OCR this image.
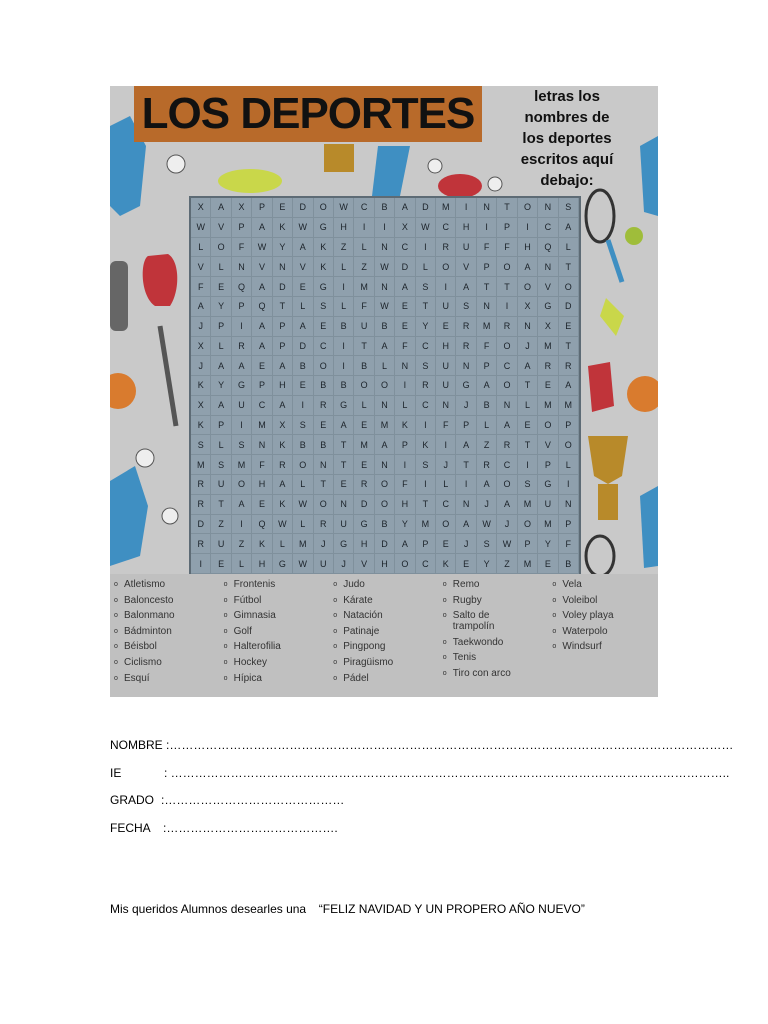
LOS DEPORTES	letras los
nombres de
los deportes
escritos aquí
debajo:
X	A	X	P	E	D	O	W	C	B	A	D	M	I	N	T	O	N	S
W	V	P	A	K	W	G	H	I	I	X	W	C	H	I	P	I	C	A
L	O	F	W	Y	A	K	Z	L	N	C	I	R	U	F	F	H	Q	L
V	L	N	V	N	V	K	L	Z	W	D	L	O	V	P	O	A	N	T
F	E	Q	A	D	E	G	I	M	N	A	S	I	A	T	T	O	V	O
A	Y	P	Q	T	L	S	L	F	W	E	T	U	S	N	I	X	G	D
J	P	I	A	P	A	E	B	U	B	E	Y	E	R	M	R	N	X	E
X	L	R	A	P	D	C	I	T	A	F	C	H	R	F	O	J	M	T
J	A	A	E	A	B	O	I	B	L	N	S	U	N	P	C	A	R	R
K	Y	G	P	H	E	B	B	O	O	I	R	U	G	A	O	T	E	A
X	A	U	C	A	I	R	G	L	N	L	C	N	J	B	N	L	M	M
K	P	I	M	X	S	E	A	E	M	K	I	F	P	L	A	E	O	P
S	L	S	N	K	B	B	T	M	A	P	K	I	A	Z	R	T	V	O
M	S	M	F	R	O	N	T	E	N	I	S	J	T	R	C	I	P	L
R	U	O	H	A	L	T	E	R	O	F	I	L	I	A	O	S	G	I
R	T	A	E	K	W	O	N	D	O	H	T	C	N	J	A	M	U	N
D	Z	I	Q	W	L	R	U	G	B	Y	M	O	A	W	J	O	M	P
R	U	Z	K	L	M	J	G	H	D	A	P	E	J	S	W	P	Y	F
I	E	L	H	G	W	U	J	V	H	O	C	K	E	Y	Z	M	E	B
o Atletismo
o Baloncesto
o Balonmano
o Bádminton
o Béisbol
o Ciclismo
o Esquí
o Frontenis
o Fútbol
o Gimnasia
o Golf
o Halterofilia
o Hockey
o Hípica
o Judo
o Kárate
o Natación
o Patinaje
o Pingpong
o Piragüismo
o Pádel
o Remo
o Rugby
o Salto de trampolín
o Taekwondo
o Tenis
o Tiro con arco
o Vela
o Voleibol
o Voley playa
o Waterpolo
o Windsurf
NOMBRE :……………………………………………………………………………………………………………………………
IE	: …………………………………………………………………………………………………………………………..
GRADO :………………………………………
FECHA :…………………………………….
Mis queridos Alumnos desearles una “FELIZ NAVIDAD Y UN PROPERO AÑO NUEVO”
